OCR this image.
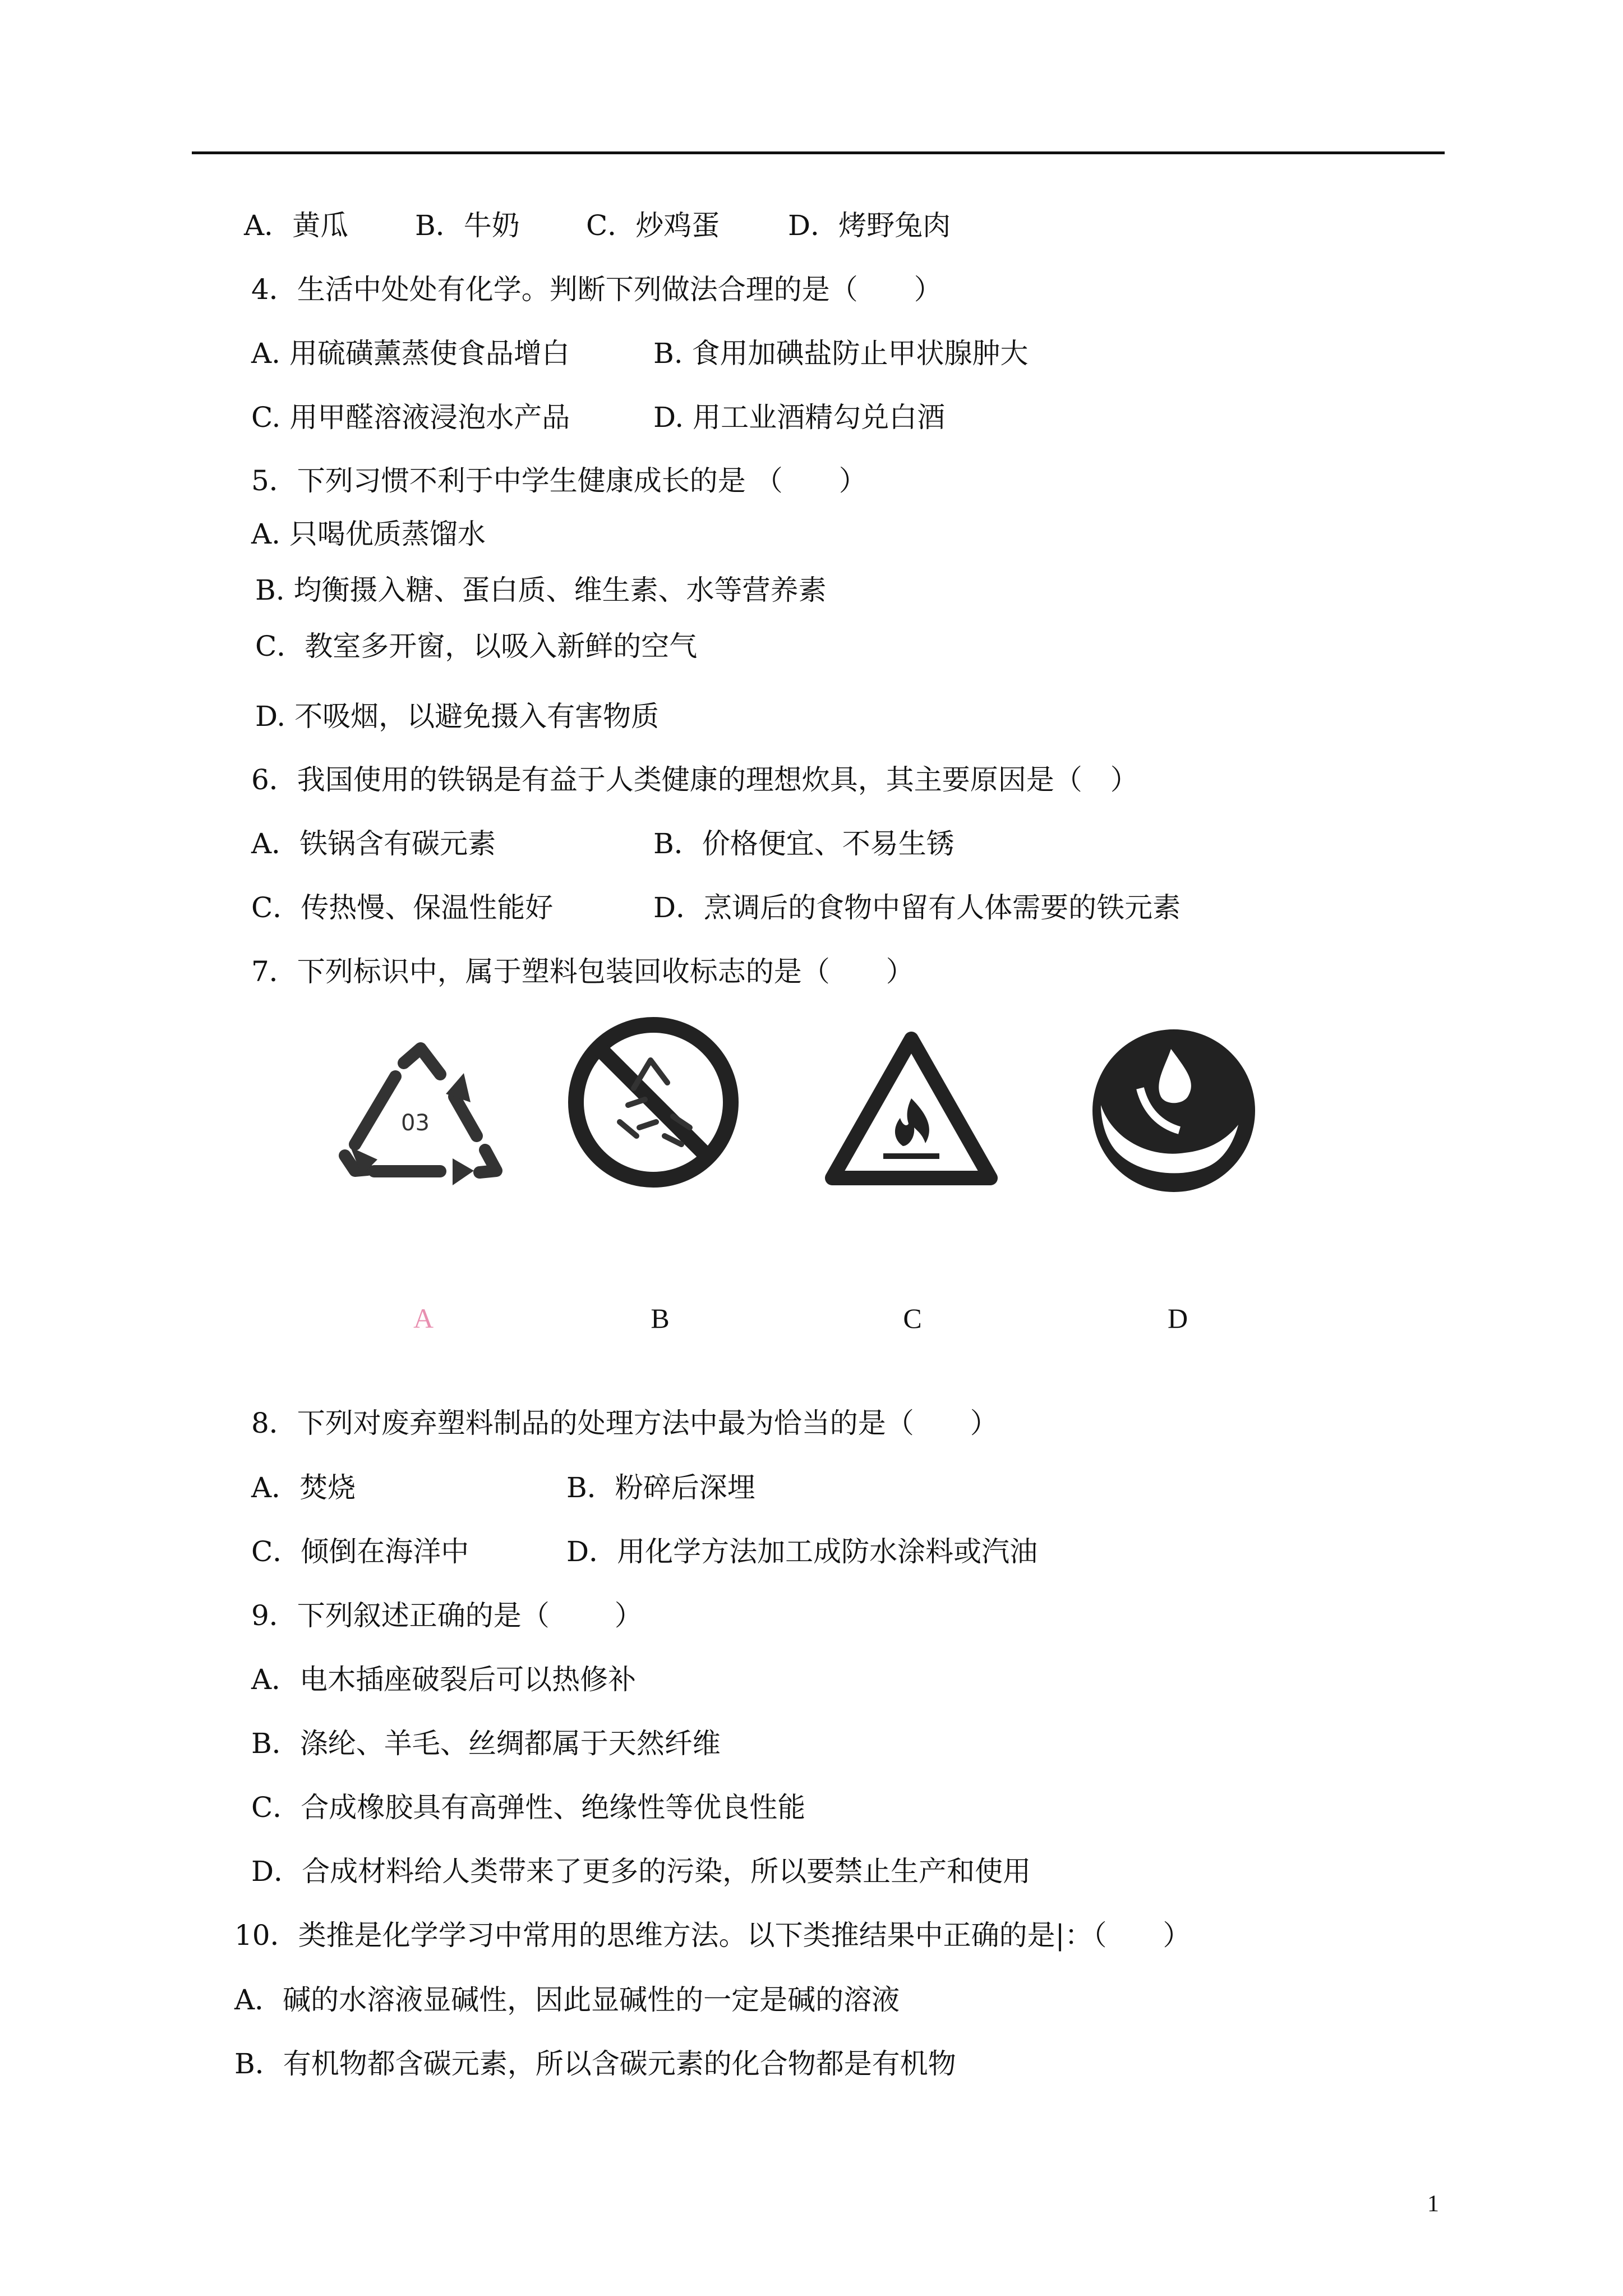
A．黄瓜 B．牛奶 C．炒鸡蛋 D．烤野兔肉
4．生活中处处有化学。判断下列做法合理的是（　　）
A. 用硫磺薰蒸使食品增白	B. 食用加碘盐防止甲状腺肿大
C. 用甲醛溶液浸泡水产品	D. 用工业酒精勾兑白酒
5．下列习惯不利于中学生健康成长的是 （　　）
A. 只喝优质蒸馏水
B. 均衡摄入糖、蛋白质、维生素、水等营养素
C．教室多开窗，以吸入新鲜的空气
D. 不吸烟，以避免摄入有害物质
6．我国使用的铁锅是有益于人类健康的理想炊具，其主要原因是（　）
A．铁锅含有碳元素	B．价格便宜、不易生锈
C．传热慢、保温性能好	D．烹调后的食物中留有人体需要的铁元素
7．下列标识中，属于塑料包装回收标志的是（　　）
03
A	B	C	D
8．下列对废弃塑料制品的处理方法中最为恰当的是（　　）
A．焚烧	B．粉碎后深埋
C．倾倒在海洋中	D．用化学方法加工成防水涂料或汽油
9．下列叙述正确的是（　　 ）
A．电木插座破裂后可以热修补
B．涤纶、羊毛、丝绸都属于天然纤维
C．合成橡胶具有高弹性、绝缘性等优良性能
D．合成材料给人类带来了更多的污染，所以要禁止生产和使用
10．类推是化学学习中常用的思维方法。以下类推结果中正确的是|：（　　）
A．碱的水溶液显碱性，因此显碱性的一定是碱的溶液
B．有机物都含碳元素，所以含碳元素的化合物都是有机物
1
